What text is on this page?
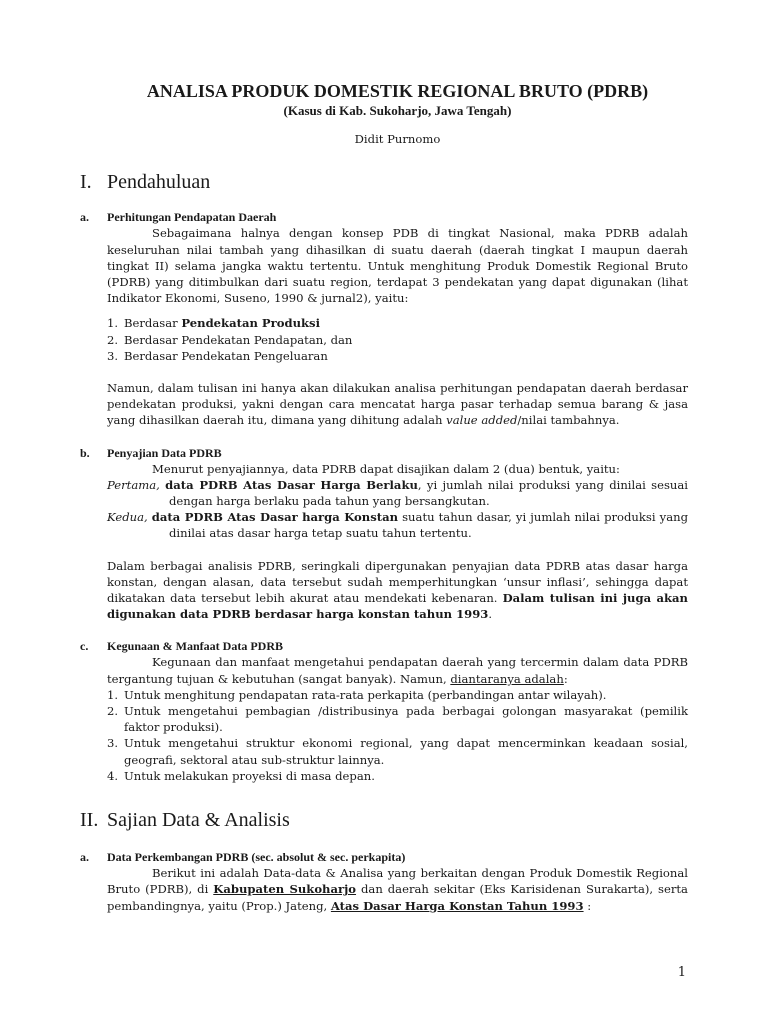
ANALISA PRODUK DOMESTIK REGIONAL BRUTO (PDRB)
(Kasus di Kab. Sukoharjo, Jawa Tengah)
Didit Purnomo
I. Pendahuluan
a. Perhitungan Pendapatan Daerah

Sebagaimana halnya dengan konsep PDB di tingkat Nasional, maka PDRB adalah keseluruhan nilai tambah yang dihasilkan di suatu daerah (daerah tingkat I maupun daerah tingkat II) selama jangka waktu tertentu. Untuk menghitung Produk Domestik Regional Bruto (PDRB) yang ditimbulkan dari suatu region, terdapat 3 pendekatan yang dapat digunakan (lihat Indikator Ekonomi, Suseno, 1990 & jurnal2), yaitu:

1. Berdasar Pendekatan Produksi
2. Berdasar Pendekatan Pendapatan, dan
3. Berdasar Pendekatan Pengeluaran

Namun, dalam tulisan ini hanya akan dilakukan analisa perhitungan pendapatan daerah berdasar pendekatan produksi, yakni dengan cara mencatat harga pasar terhadap semua barang & jasa yang dihasilkan daerah itu, dimana yang dihitung adalah value added/nilai tambahnya.

b. Penyajian Data PDRB

Menurut penyajiannya, data PDRB dapat disajikan dalam 2 (dua) bentuk, yaitu:

Pertama, data PDRB Atas Dasar Harga Berlaku, yi jumlah nilai produksi yang dinilai sesuai dengan harga berlaku pada tahun yang bersangkutan.

Kedua, data PDRB Atas Dasar harga Konstan suatu tahun dasar, yi jumlah nilai produksi yang dinilai atas dasar harga tetap suatu tahun tertentu.

Dalam berbagai analisis PDRB, seringkali dipergunakan penyajian data PDRB atas dasar harga konstan, dengan alasan, data tersebut sudah memperhitungkan ‘unsur inflasi’, sehingga dapat dikatakan data tersebut lebih akurat atau mendekati kebenaran. Dalam tulisan ini juga akan digunakan data PDRB berdasar harga konstan tahun 1993.

c. Kegunaan & Manfaat Data PDRB

Kegunaan dan manfaat mengetahui pendapatan daerah yang tercermin dalam data PDRB tergantung tujuan & kebutuhan (sangat banyak). Namun, diantaranya adalah:

1. Untuk menghitung pendapatan rata-rata perkapita (perbandingan antar wilayah).
2. Untuk mengetahui pembagian /distribusinya pada berbagai golongan masyarakat (pemilik faktor produksi).
3. Untuk mengetahui struktur ekonomi regional, yang dapat mencerminkan keadaan sosial, geografi, sektoral atau sub-struktur lainnya.
4. Untuk melakukan proyeksi di masa depan.
II. Sajian Data & Analisis
a. Data Perkembangan PDRB (sec. absolut & sec. perkapita)

Berikut ini adalah Data-data & Analisa yang berkaitan dengan Produk Domestik Regional Bruto (PDRB), di Kabupaten Sukoharjo dan daerah sekitar (Eks Karisidenan Surakarta), serta pembandingnya, yaitu (Prop.) Jateng, Atas Dasar Harga Konstan Tahun 1993 :

1
